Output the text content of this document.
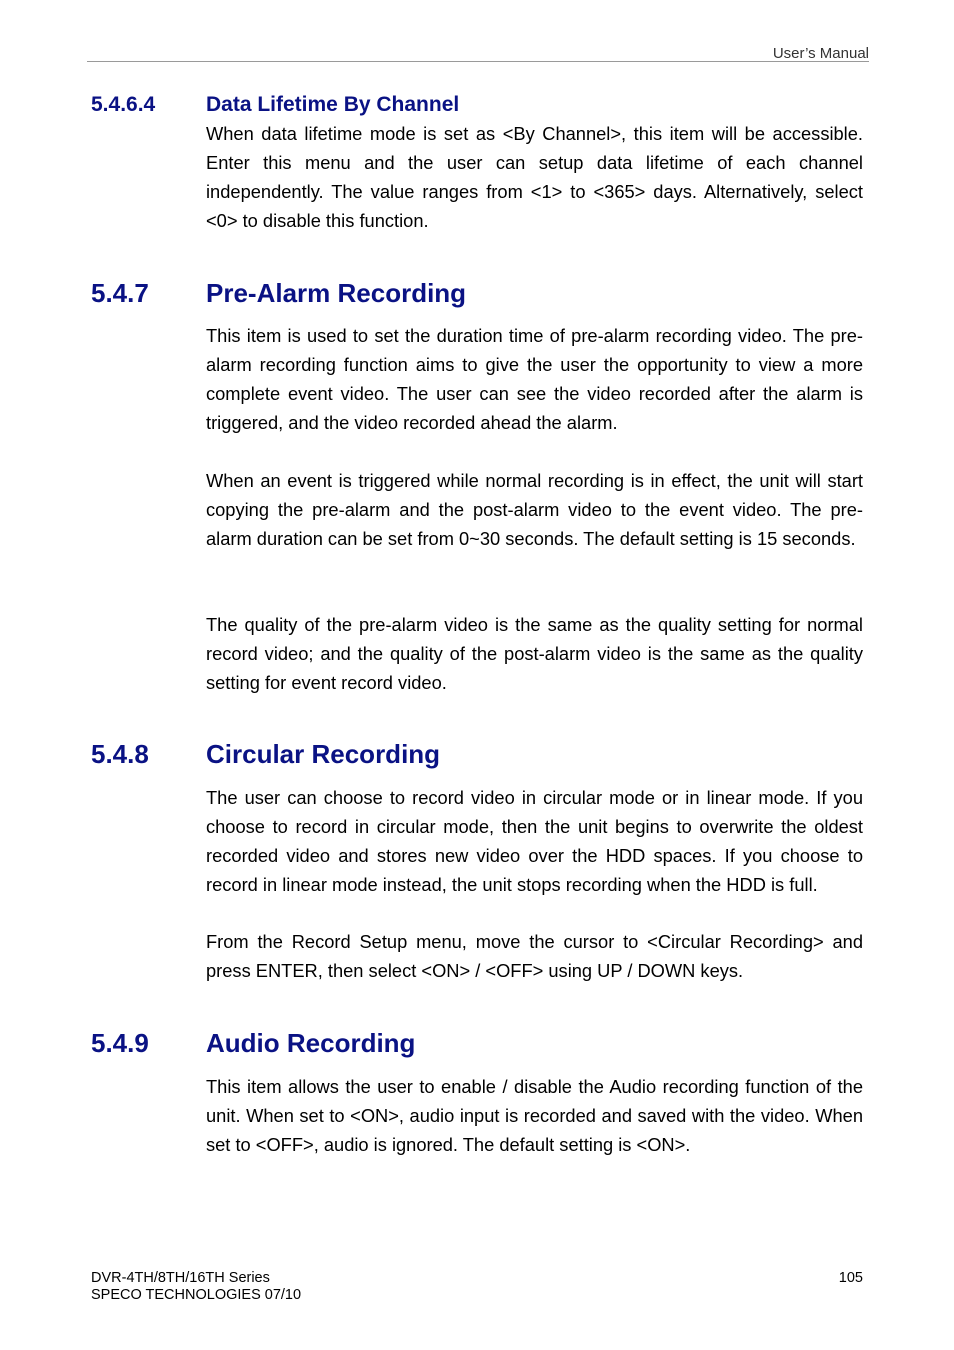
User’s Manual
5.4.6.4 Data Lifetime By Channel

When data lifetime mode is set as <By Channel>, this item will be accessible. Enter this menu and the user can setup data lifetime of each channel independently. The value ranges from <1> to <365> days. Alternatively, select <0> to disable this function.

5.4.7 Pre-Alarm Recording

This item is used to set the duration time of pre-alarm recording video. The pre-alarm recording function aims to give the user the opportunity to view a more complete event video. The user can see the video recorded after the alarm is triggered, and the video recorded ahead the alarm.

When an event is triggered while normal recording is in effect, the unit will start copying the pre-alarm and the post-alarm video to the event video. The pre-alarm duration can be set from 0~30 seconds. The default setting is 15 seconds.

The quality of the pre-alarm video is the same as the quality setting for normal record video; and the quality of the post-alarm video is the same as the quality setting for event record video.

5.4.8 Circular Recording

The user can choose to record video in circular mode or in linear mode. If you choose to record in circular mode, then the unit begins to overwrite the oldest recorded video and stores new video over the HDD spaces. If you choose to record in linear mode instead, the unit stops recording when the HDD is full.

From the Record Setup menu, move the cursor to <Circular Recording> and press ENTER, then select <ON> / <OFF> using UP / DOWN keys.

5.4.9 Audio Recording

This item allows the user to enable / disable the Audio recording function of the unit. When set to <ON>, audio input is recorded and saved with the video. When set to <OFF>, audio is ignored. The default setting is <ON>.

DVR-4TH/8TH/16TH Series
SPECO TECHNOLOGIES 07/10
105
